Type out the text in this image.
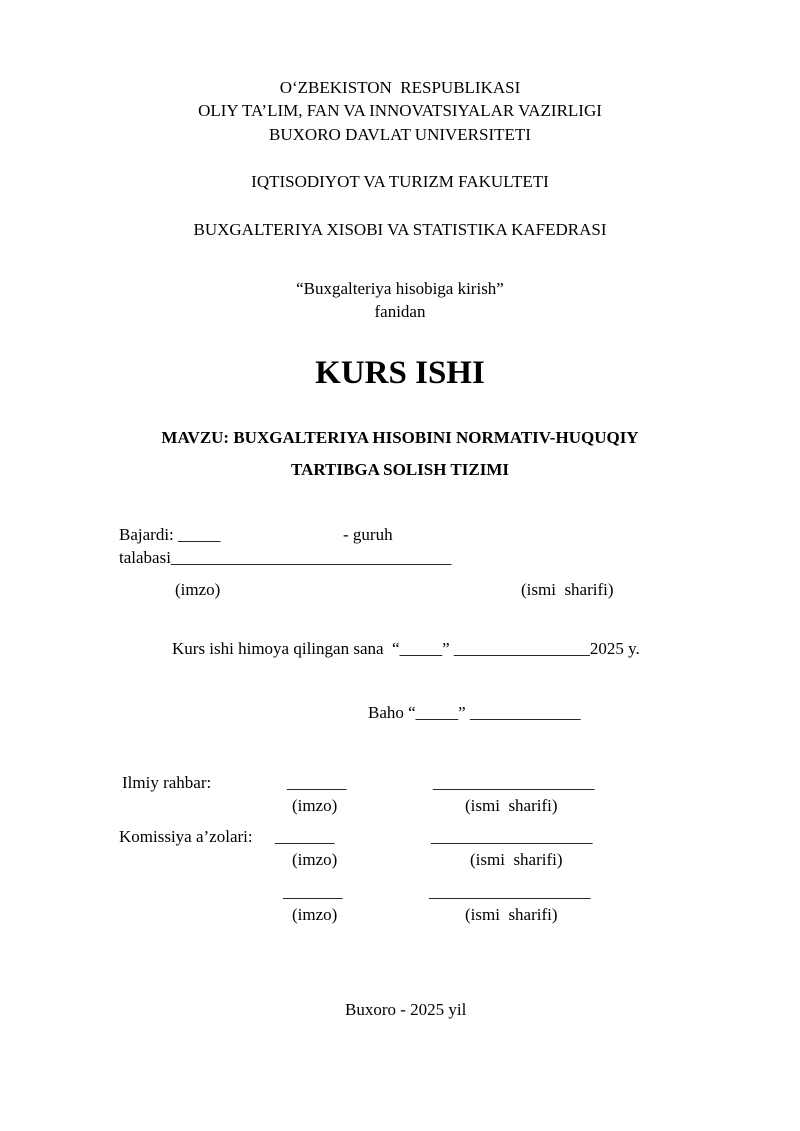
O‘ZBEKISTON  RESPUBLIKASI
OLIY TA’LIM, FAN VA INNOVATSIYALAR VAZIRLIGI
BUXORO DAVLAT UNIVERSITETI
IQTISODIYOT VA TURIZM FAKULTETI
BUXGALTERIYA XISOBI VA STATISTIKA KAFEDRASI
“Buxgalteriya hisobiga kirish”
fanidan
KURS ISHI
MAVZU: BUXGALTERIYA HISOBINI NORMATIV-HUQUQIY
TARTIBGA SOLISH TIZIMI
Bajardi: _____	- guruh
talabasi_________________________________
(imzo)	(ismi  sharifi)
Kurs ishi himoya qilingan sana  “_____” ________________2025 y.
Baho “_____” _____________
Ilmiy rahbar:	_______	___________________
(imzo)	(ismi  sharifi)
Komissiya a’zolari: _______	___________________
(imzo)	(ismi  sharifi)
_______	___________________
(imzo)	(ismi  sharifi)
Buxoro - 2025 yil
